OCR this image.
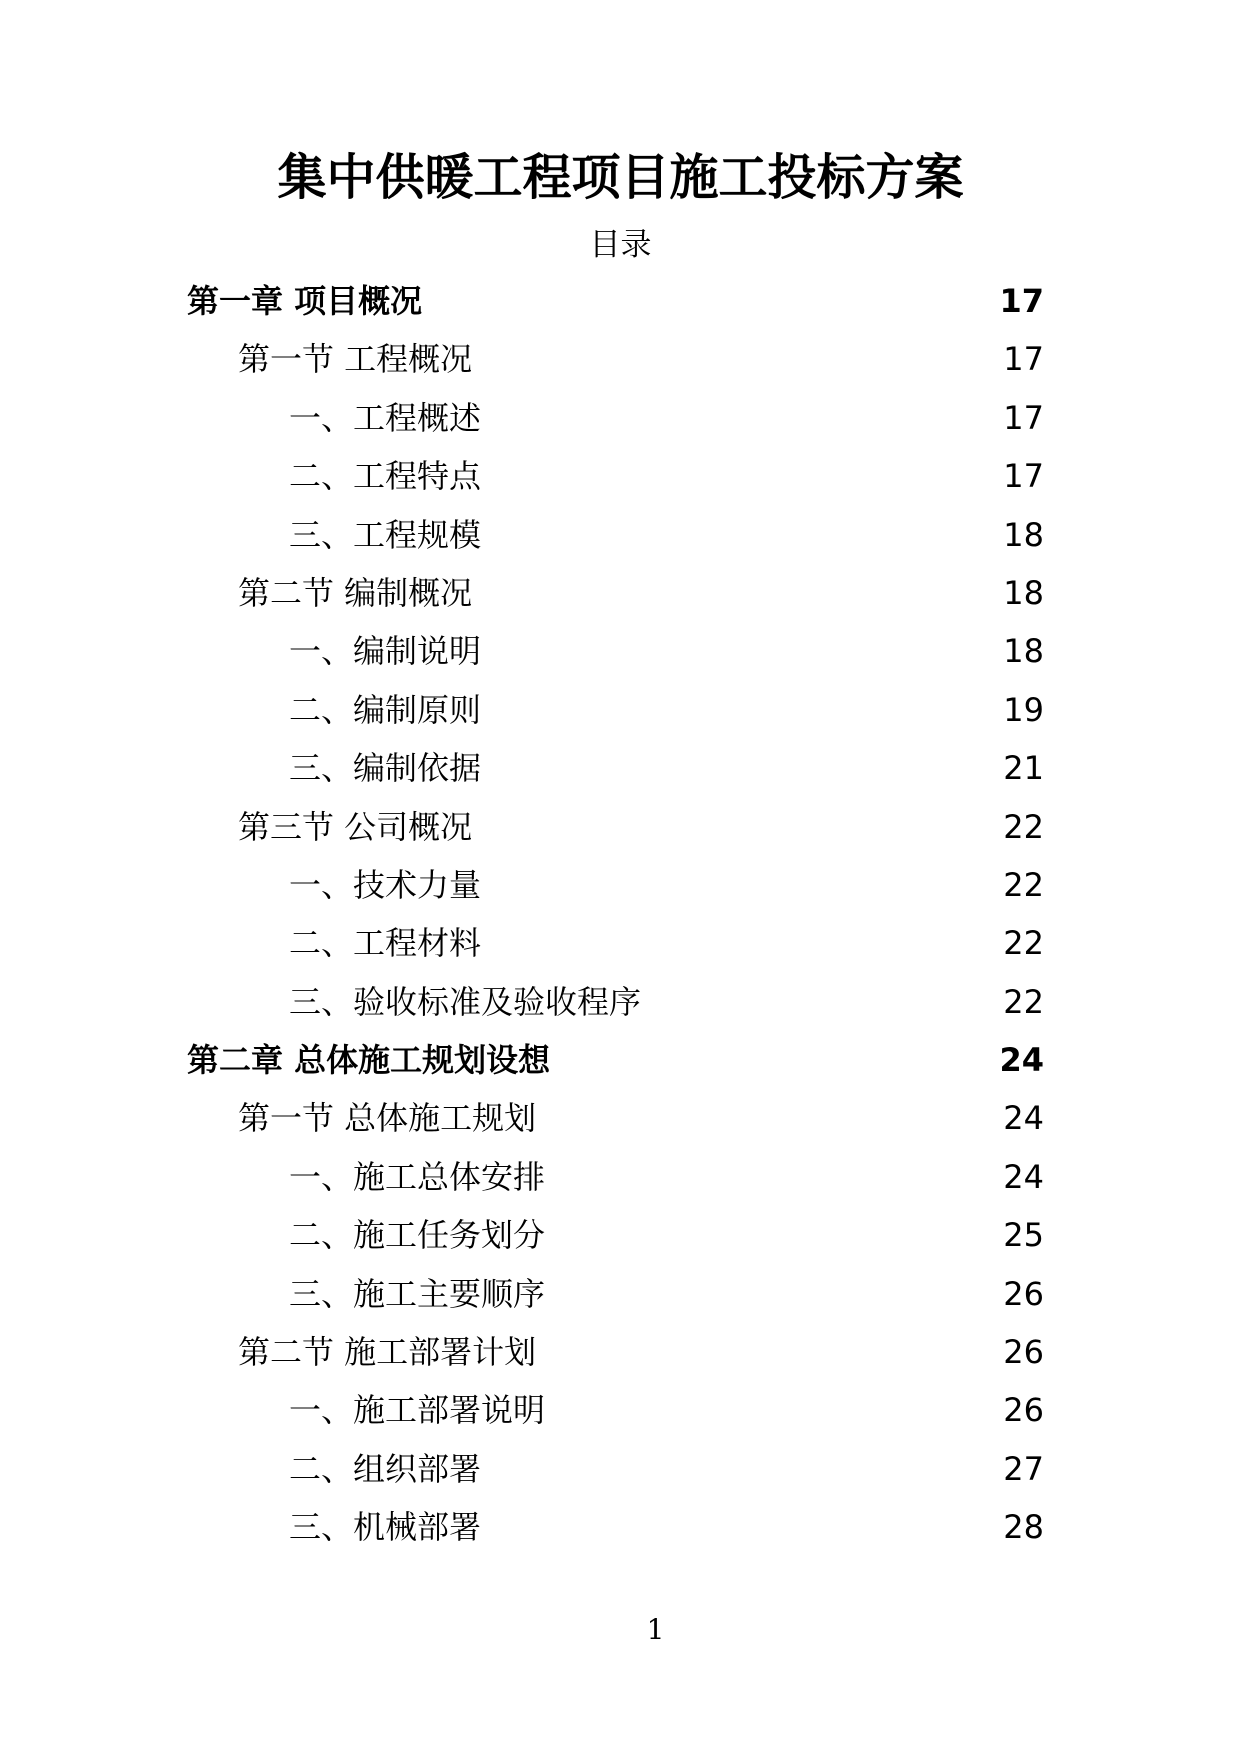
集中供暖工程项目施工投标方案
目录
第一章 项目概况	17
第一节 工程概况	17
一、工程概述	17
二、工程特点	17
三、工程规模	18
第二节 编制概况	18
一、编制说明	18
二、编制原则	19
三、编制依据	21
第三节 公司概况	22
一、技术力量	22
二、工程材料	22
三、验收标准及验收程序	22
第二章 总体施工规划设想	24
第一节 总体施工规划	24
一、施工总体安排	24
二、施工任务划分	25
三、施工主要顺序	26
第二节 施工部署计划	26
一、施工部署说明	26
二、组织部署	27
三、机械部署	28
1
